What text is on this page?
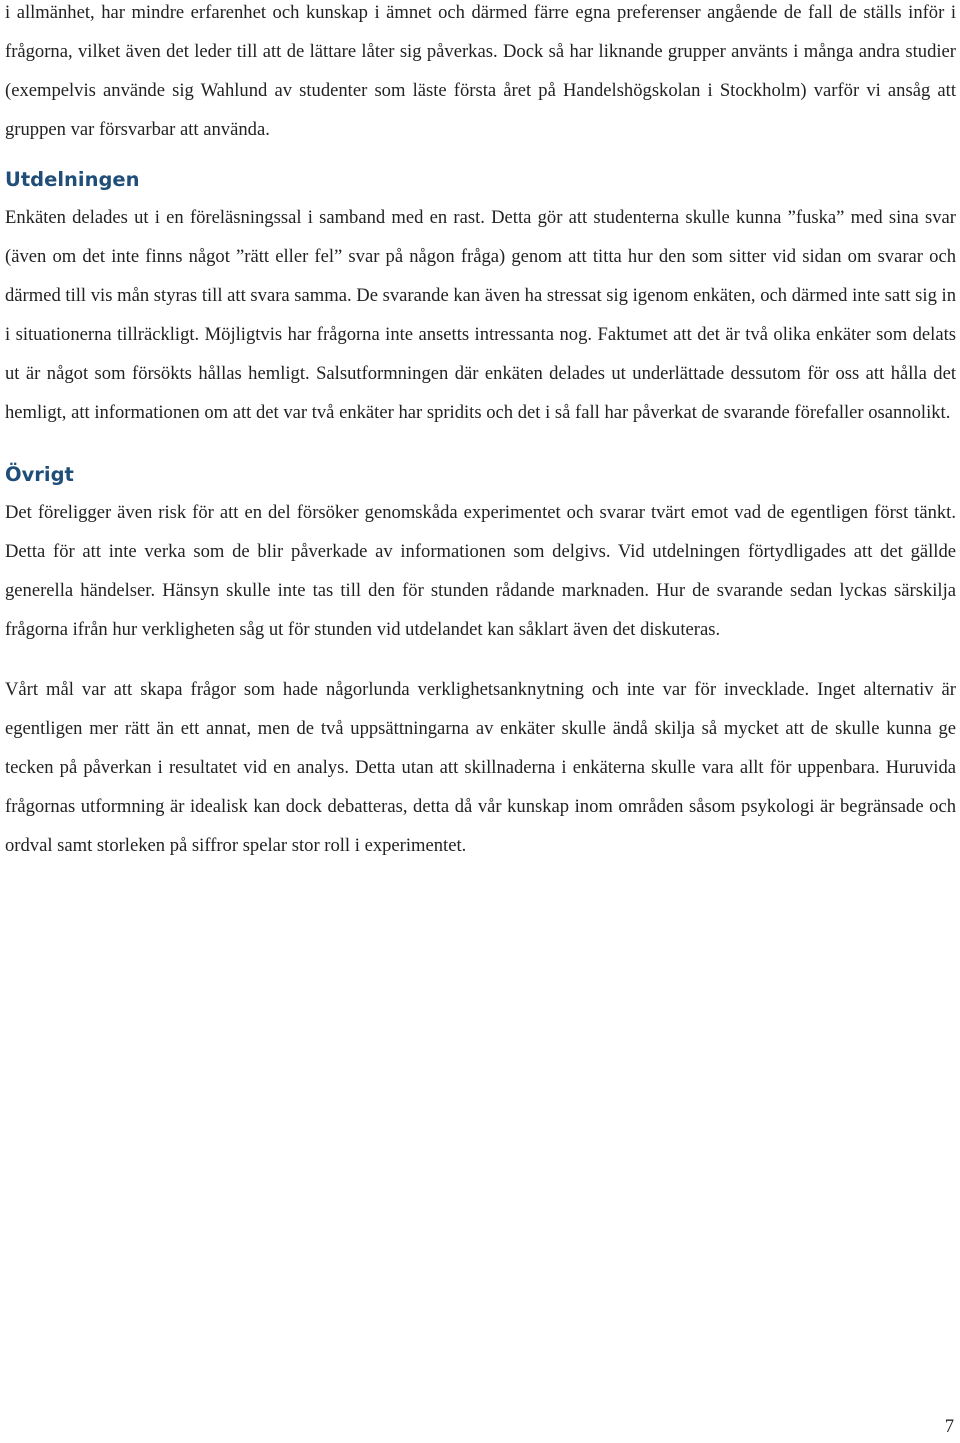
i allmänhet, har mindre erfarenhet och kunskap i ämnet och därmed färre egna preferenser angående de fall de ställs inför i frågorna, vilket även det leder till att de lättare låter sig påverkas. Dock så har liknande grupper använts i många andra studier (exempelvis använde sig Wahlund av studenter som läste första året på Handelshögskolan i Stockholm) varför vi ansåg att gruppen var försvarbar att använda.

Utdelningen

Enkäten delades ut i en föreläsningssal i samband med en rast. Detta gör att studenterna skulle kunna ”fuska” med sina svar (även om det inte finns något ”rätt eller fel” svar på någon fråga) genom att titta hur den som sitter vid sidan om svarar och därmed till vis mån styras till att svara samma. De svarande kan även ha stressat sig igenom enkäten, och därmed inte satt sig in i situationerna tillräckligt. Möjligtvis har frågorna inte ansetts intressanta nog. Faktumet att det är två olika enkäter som delats ut är något som försökts hållas hemligt. Salsutformningen där enkäten delades ut underlättade dessutom för oss att hålla det hemligt, att informationen om att det var två enkäter har spridits och det i så fall har påverkat de svarande förefaller osannolikt.

Övrigt

Det föreligger även risk för att en del försöker genomskåda experimentet och svarar tvärt emot vad de egentligen först tänkt. Detta för att inte verka som de blir påverkade av informationen som delgivs. Vid utdelningen förtydligades att det gällde generella händelser. Hänsyn skulle inte tas till den för stunden rådande marknaden. Hur de svarande sedan lyckas särskilja frågorna ifrån hur verkligheten såg ut för stunden vid utdelandet kan såklart även det diskuteras.

Vårt mål var att skapa frågor som hade någorlunda verklighetsanknytning och inte var för invecklade. Inget alternativ är egentligen mer rätt än ett annat, men de två uppsättningarna av enkäter skulle ändå skilja så mycket att de skulle kunna ge tecken på påverkan i resultatet vid en analys. Detta utan att skillnaderna i enkäterna skulle vara allt för uppenbara. Huruvida frågornas utformning är idealisk kan dock debatteras, detta då vår kunskap inom områden såsom psykologi är begränsade och ordval samt storleken på siffror spelar stor roll i experimentet.

7
